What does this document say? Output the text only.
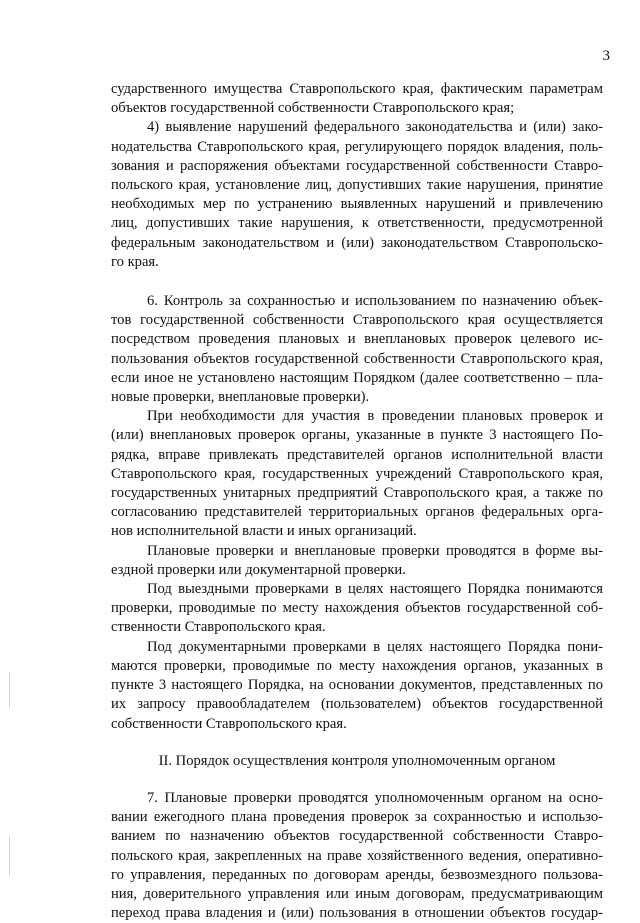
3
сударственного имущества Ставропольского края, фактическим параметрам
объектов государственной собственности Ставропольского края;
4) выявление нарушений федерального законодательства и (или) зако-
нодательства Ставропольского края, регулирующего порядок владения, поль-
зования и распоряжения объектами государственной собственности Ставро-
польского края, установление лиц, допустивших такие нарушения, принятие
необходимых мер по устранению выявленных нарушений и привлечению
лиц, допустивших такие нарушения, к ответственности, предусмотренной
федеральным законодательством и (или) законодательством Ставропольско-
го края.
6. Контроль за сохранностью и использованием по назначению объек-
тов государственной собственности Ставропольского края осуществляется
посредством проведения плановых и внеплановых проверок целевого ис-
пользования объектов государственной собственности Ставропольского края,
если иное не установлено настоящим Порядком (далее соответственно – пла-
новые проверки, внеплановые проверки).
При необходимости для участия в проведении плановых проверок и
(или) внеплановых проверок органы, указанные в пункте 3 настоящего По-
рядка, вправе привлекать представителей органов исполнительной власти
Ставропольского края, государственных учреждений Ставропольского края,
государственных унитарных предприятий Ставропольского края, а также по
согласованию представителей территориальных органов федеральных орга-
нов исполнительной власти и иных организаций.
Плановые проверки и внеплановые проверки проводятся в форме вы-
ездной проверки или документарной проверки.
Под выездными проверками в целях настоящего Порядка понимаются
проверки, проводимые по месту нахождения объектов государственной соб-
ственности Ставропольского края.
Под документарными проверками в целях настоящего Порядка пони-
маются проверки, проводимые по месту нахождения органов, указанных в
пункте 3 настоящего Порядка, на основании документов, представленных по
их запросу правообладателем (пользователем) объектов государственной
собственности Ставропольского края.
II. Порядок осуществления контроля уполномоченным органом
7. Плановые проверки проводятся уполномоченным органом на осно-
вании ежегодного плана проведения проверок за сохранностью и использо-
ванием по назначению объектов государственной собственности Ставро-
польского края, закрепленных на праве хозяйственного ведения, оперативно-
го управления, переданных по договорам аренды, безвозмездного пользова-
ния, доверительного управления или иным договорам, предусматривающим
переход права владения и (или) пользования в отношении объектов государ-
